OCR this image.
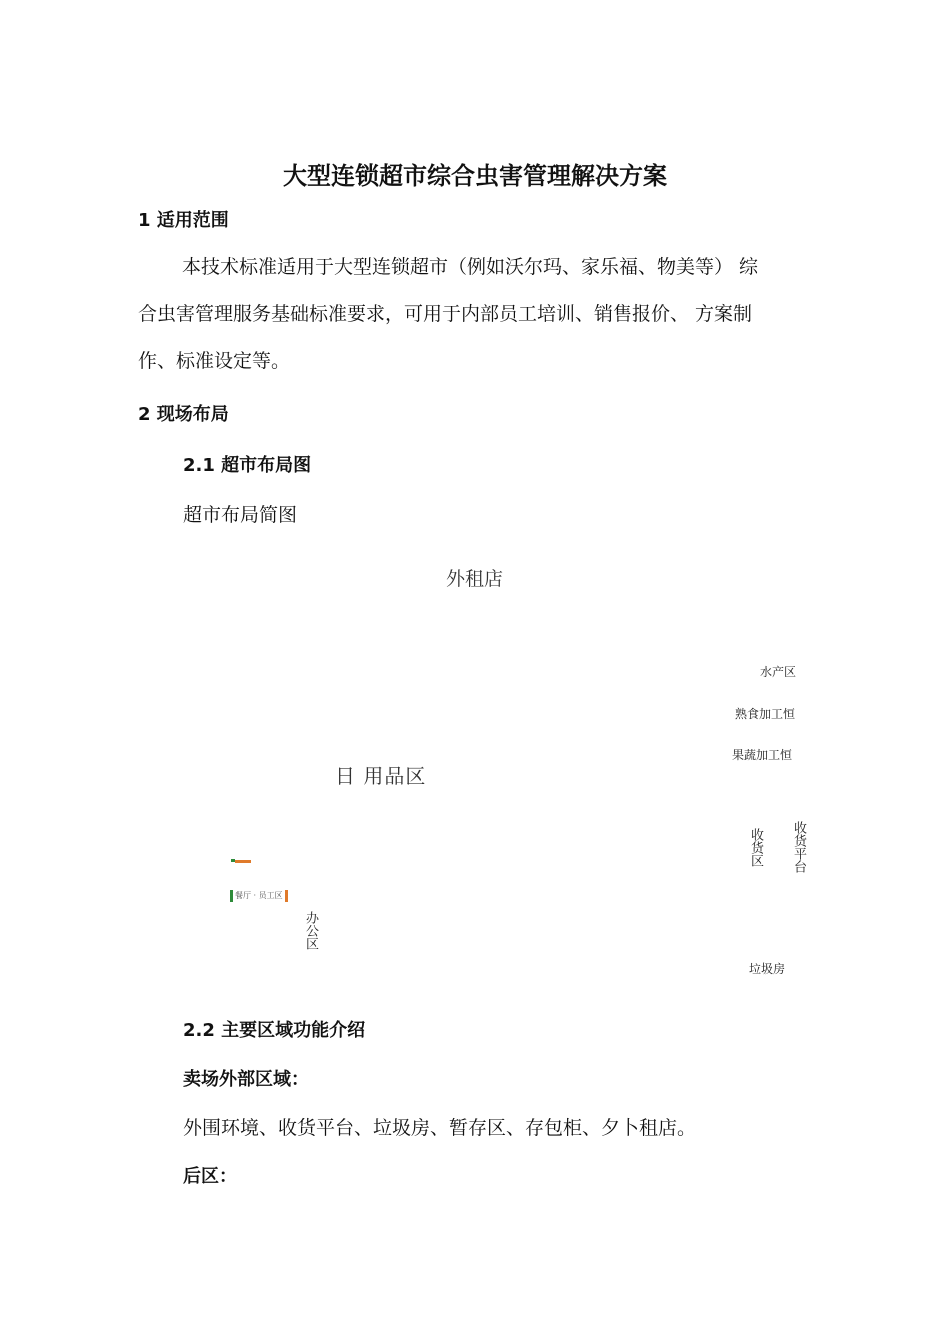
大型连锁超市综合虫害管理解决方案
1 适用范围

本技术标准适用于大型连锁超市（例如沃尔玛、家乐福、物美等） 综

合虫害管理服务基础标准要求，可用于内部员工培训、销售报价、 方案制

作、标准设定等。

2 现场布局
2.1 超市布局图
超市布局简图
外租店
水产区
熟食加工恒
果蔬加工恒
日 用品区
收货区 收货平台
餐厅 · 员工区
办公区
垃圾房
2.2 主要区域功能介绍
卖场外部区域：
外围环境、收货平台、垃圾房、暂存区、存包柜、夕卜租店。
后区：
